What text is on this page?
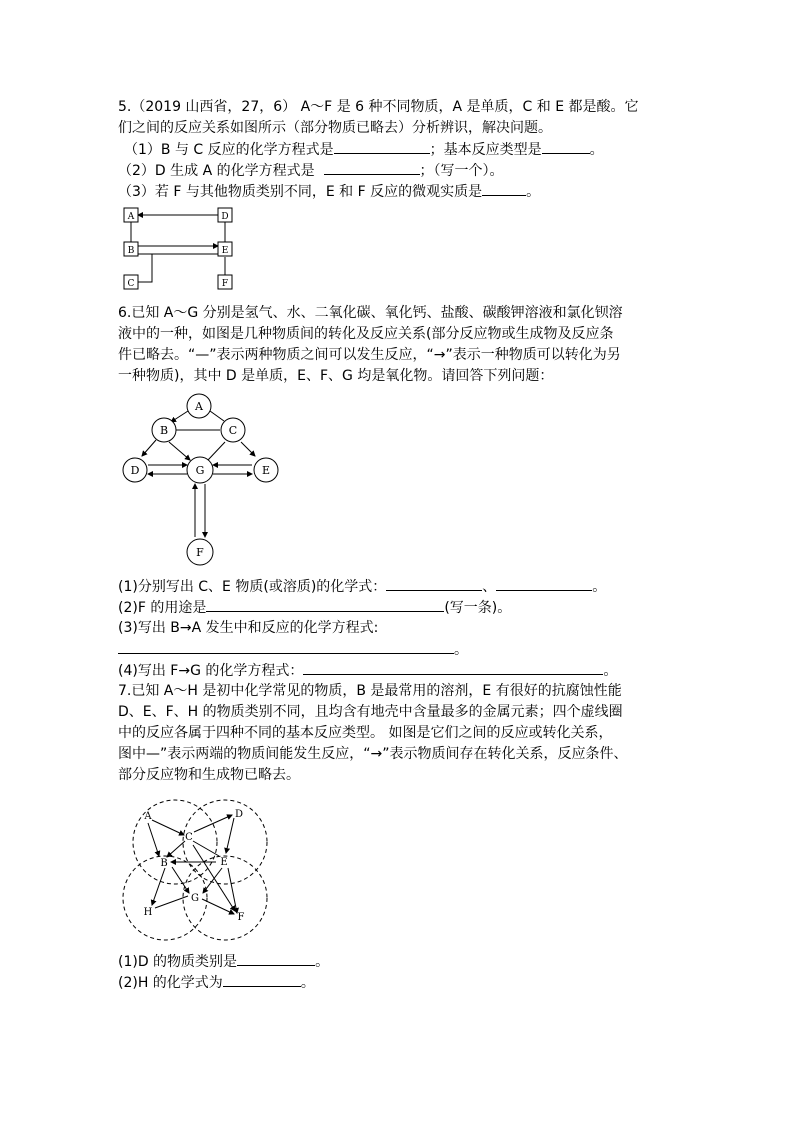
5.（2019 山西省，27，6） A～F 是 6 种不同物质，A 是单质，C 和 E 都是酸。它
们之间的反应关系如图所示（部分物质已略去）分析辨识，解决问题。
（1）B 与 C 反应的化学方程式是	；基本反应类型是	。
（2）D 生成 A 的化学方程式是	；（写一个）。
（3）若 F 与其他物质类别不同，E 和 F 反应的微观实质是	。
A	D
B	E
C	F
6.已知 A～G 分别是氢气、水、二氧化碳、氧化钙、盐酸、碳酸钾溶液和氯化钡溶
液中的一种，如图是几种物质间的转化及反应关系(部分反应物或生成物及反应条
件已略去。“—”表示两种物质之间可以发生反应，“→”表示一种物质可以转化为另
一种物质)，其中 D 是单质，E、F、G 均是氧化物。请回答下列问题：
A
B	C
D	G	E
F
(1)分别写出 C、E 物质(或溶质)的化学式：	、	。
(2)F 的用途是	(写一条)。
(3)写出 B→A 发生中和反应的化学方程式:
。
(4)写出 F→G 的化学方程式：	。
7.已知 A～H 是初中化学常见的物质，B 是最常用的溶剂，E 有很好的抗腐蚀性能
D、E、F、H 的物质类别不同，且均含有地壳中含量最多的金属元素；四个虚线圈
中的反应各属于四种不同的基本反应类型。 如图是它们之间的反应或转化关系，
图中—”表示两端的物质间能发生反应，“→”表示物质间存在转化关系，反应条件、
部分反应物和生成物已略去。
A	D
C
B	E
H
G
F
(1)D 的物质类别是	。
(2)H 的化学式为	。
